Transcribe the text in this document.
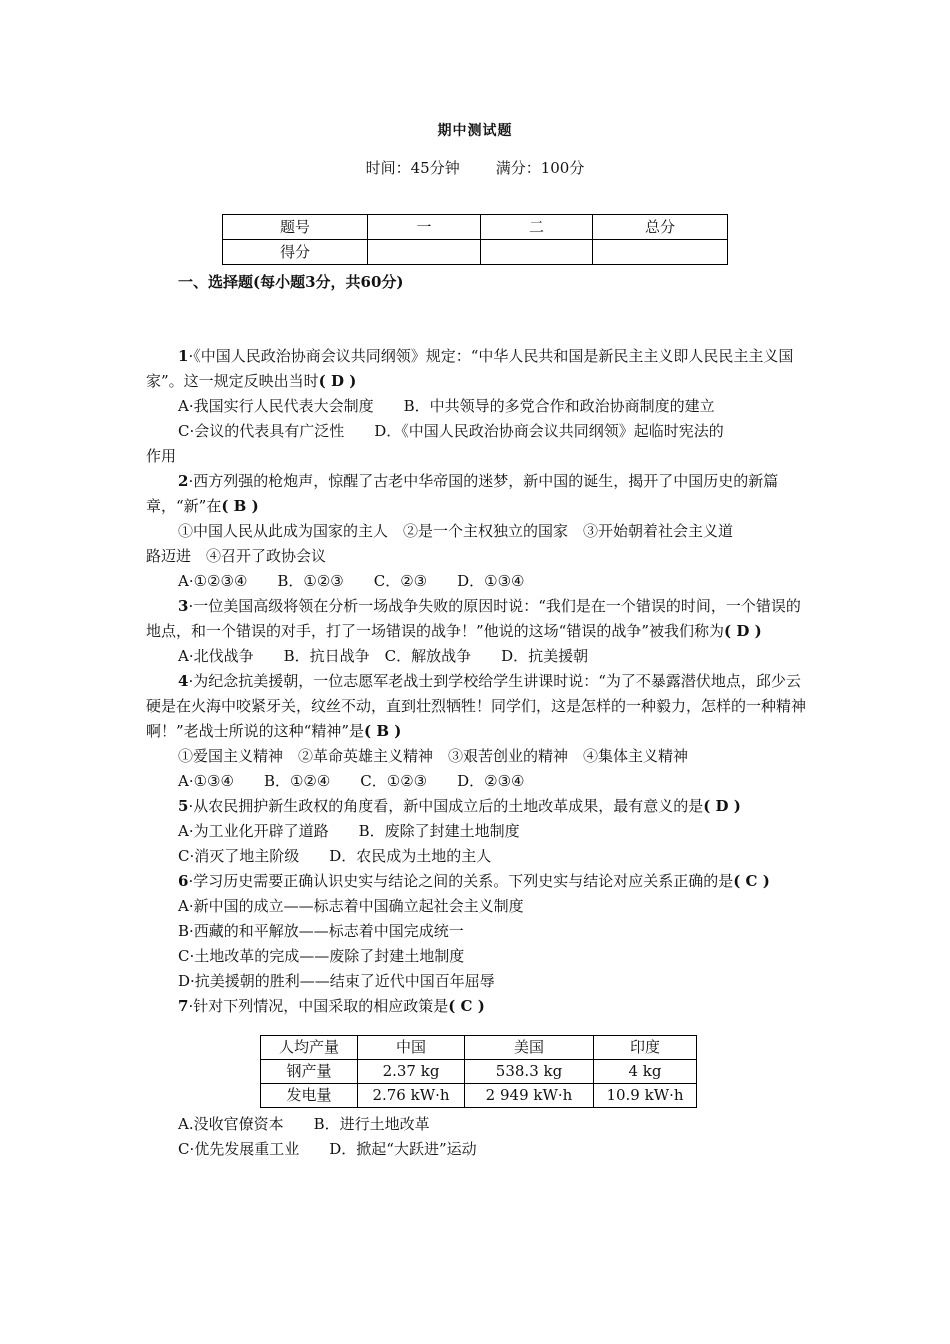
期中测试题
时间：45分钟 满分：100分
题号	一	二	总分
得分			
一、选择题(每小题3分，共60分)

1·《中国人民政治协商会议共同纲领》规定：“中华人民共和国是新民主主义即人民民主主义国家”。这一规定反映出当时( D )

A·我国实行人民代表大会制度　　B．中共领导的多党合作和政治协商制度的建立

C·会议的代表具有广泛性　　D．《中国人民政治协商会议共同纲领》起临时宪法的

作用

2·西方列强的枪炮声，惊醒了古老中华帝国的迷梦，新中国的诞生，揭开了中国历史的新篇章，“新”在( B )

①中国人民从此成为国家的主人　②是一个主权独立的国家　③开始朝着社会主义道

路迈进　④召开了政协会议

A·①②③④　　B．①②③　　C．②③　　D．①③④

3·一位美国高级将领在分析一场战争失败的原因时说：“我们是在一个错误的时间，一个错误的地点，和一个错误的对手，打了一场错误的战争！”他说的这场“错误的战争”被我们称为( D )

A·北伐战争　　B．抗日战争　C．解放战争　　D．抗美援朝

4·为纪念抗美援朝，一位志愿军老战士到学校给学生讲课时说：“为了不暴露潜伏地点，邱少云硬是在火海中咬紧牙关，纹丝不动，直到壮烈牺牲！同学们，这是怎样的一种毅力，怎样的一种精神啊！”老战士所说的这种“精神”是( B )

①爱国主义精神　②革命英雄主义精神　③艰苦创业的精神　④集体主义精神

A·①③④　　B．①②④　　C．①②③　　D．②③④

5·从农民拥护新生政权的角度看，新中国成立后的土地改革成果，最有意义的是( D )

A·为工业化开辟了道路　　B．废除了封建土地制度

C·消灭了地主阶级　　D．农民成为土地的主人

6·学习历史需要正确认识史实与结论之间的关系。下列史实与结论对应关系正确的是( C )

A·新中国的成立——标志着中国确立起社会主义制度

B·西藏的和平解放——标志着中国完成统一

C·土地改革的完成——废除了封建土地制度

D·抗美援朝的胜利——结束了近代中国百年屈辱

7·针对下列情况，中国采取的相应政策是( C )

人均产量	中国	美国	印度
钢产量	2.37 kg	538.3 kg	4 kg
发电量	2.76 kW·h	2 949 kW·h	10.9 kW·h

A.没收官僚资本　　B．进行土地改革

C·优先发展重工业　　D．掀起“大跃进”运动
